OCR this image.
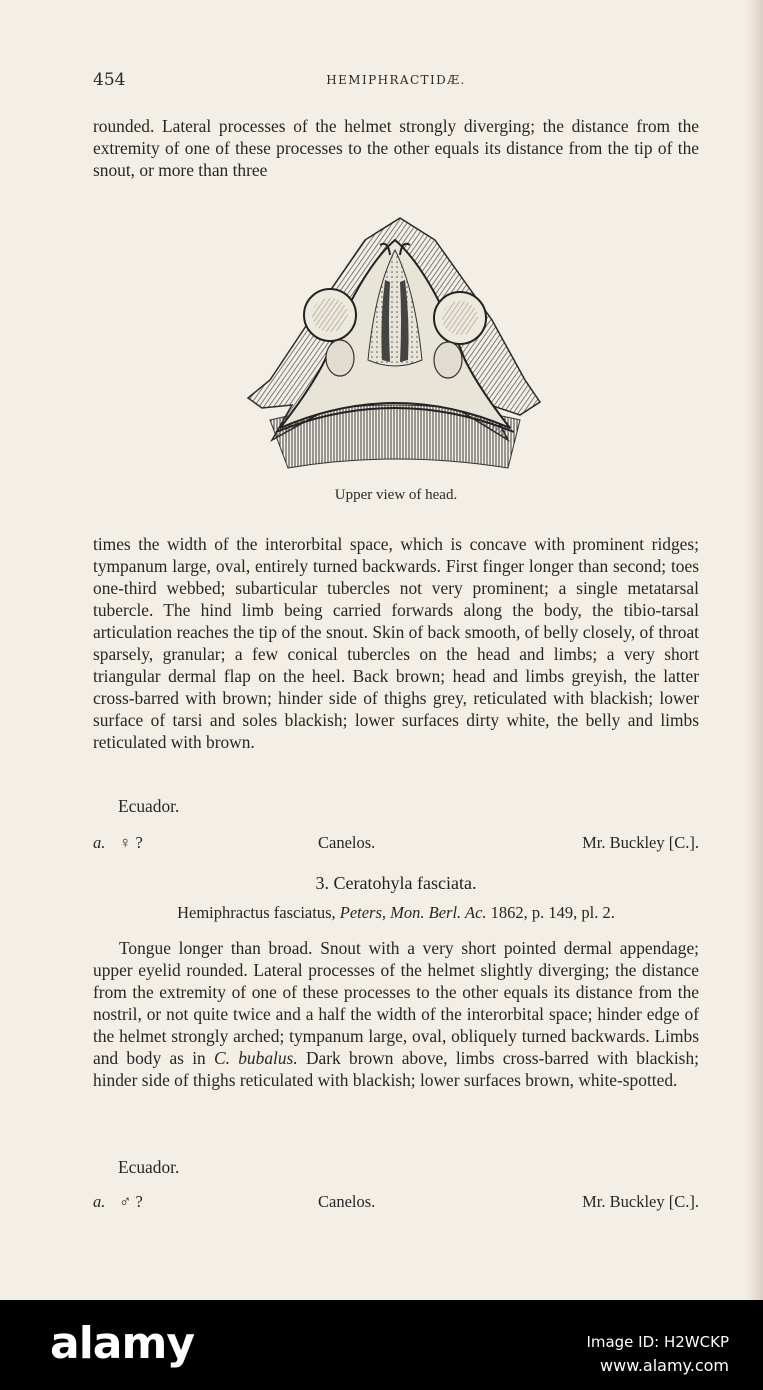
454	HEMIPHRACTIDÆ.

rounded. Lateral processes of the helmet strongly diverging; the distance from the extremity of one of these processes to the other equals its distance from the tip of the snout, or more than three

Upper view of head.

times the width of the interorbital space, which is concave with prominent ridges; tympanum large, oval, entirely turned backwards. First finger longer than second; toes one-third webbed; subarticular tubercles not very prominent; a single metatarsal tubercle. The hind limb being carried forwards along the body, the tibio-tarsal articulation reaches the tip of the snout. Skin of back smooth, of belly closely, of throat sparsely, granular; a few conical tubercles on the head and limbs; a very short triangular dermal flap on the heel. Back brown; head and limbs greyish, the latter cross-barred with brown; hinder side of thighs grey, reticulated with blackish; lower surface of tarsi and soles blackish; lower surfaces dirty white, the belly and limbs reticulated with brown.

Ecuador.
a. ♀ ?	Canelos.	Mr. Buckley [C.].
3. Ceratohyla fasciata.
Hemiphractus fasciatus, Peters, Mon. Berl. Ac. 1862, p. 149, pl. 2.

Tongue longer than broad. Snout with a very short pointed dermal appendage; upper eyelid rounded. Lateral processes of the helmet slightly diverging; the distance from the extremity of one of these processes to the other equals its distance from the nostril, or not quite twice and a half the width of the interorbital space; hinder edge of the helmet strongly arched; tympanum large, oval, obliquely turned backwards. Limbs and body as in C. bubalus. Dark brown above, limbs cross-barred with blackish; hinder side of thighs reticulated with blackish; lower surfaces brown, white-spotted.

Ecuador.
a. ♂ ?	Canelos.	Mr. Buckley [C.].
alamy	Image ID: H2WCKP
www.alamy.com
